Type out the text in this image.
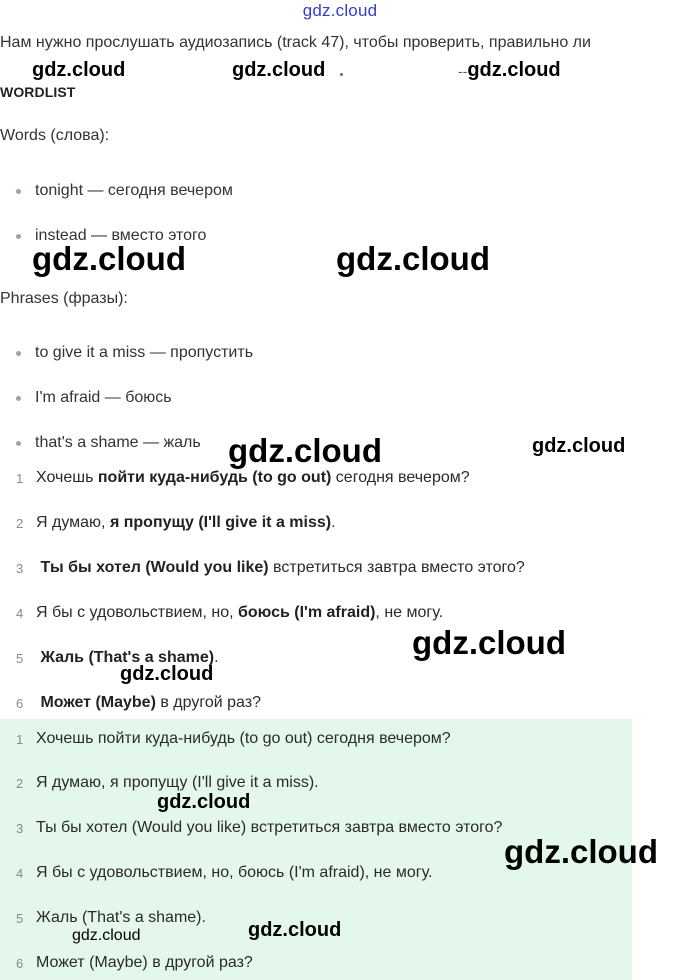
gdz.cloud
Нам нужно прослушать аудиозапись (track 47), чтобы проверить, правильно ли
gdz.cloud	gdz.cloud	--gdz.cloud
WORDLIST
Words (слова):
tonight — сегодня вечером
instead — вместо этого
gdz.cloud	gdz.cloud
Phrases (фразы):
to give it a miss — пропустить
I'm afraid — боюсь
that's a shame — жаль gdz.cloud	gdz.cloud
1 Хочешь пойти куда-нибудь (to go out) сегодня вечером?
2 Я думаю, я пропущу (I'll give it a miss).
3	Ты бы хотел (Would you like) встретиться завтра вместо этого?
4 Я бы с удовольствием, но, боюсь (I'm afraid), не могу.
gdz.cloud
5	Жаль (That's a shame).
gdz.cloud
6	Может (Maybe) в другой раз?
1 Хочешь пойти куда-нибудь (to go out) сегодня вечером?
2 Я думаю, я пропущу (I'll give it a miss).
gdz.cloud
3 Ты бы хотел (Would you like) встретиться завтра вместо этого?
gdz.cloud
4 Я бы с удовольствием, но, боюсь (I'm afraid), не могу.
5 Жаль (That's a shame).
gdz.cloud
gdz.cloud
6 Может (Maybe) в другой раз?
